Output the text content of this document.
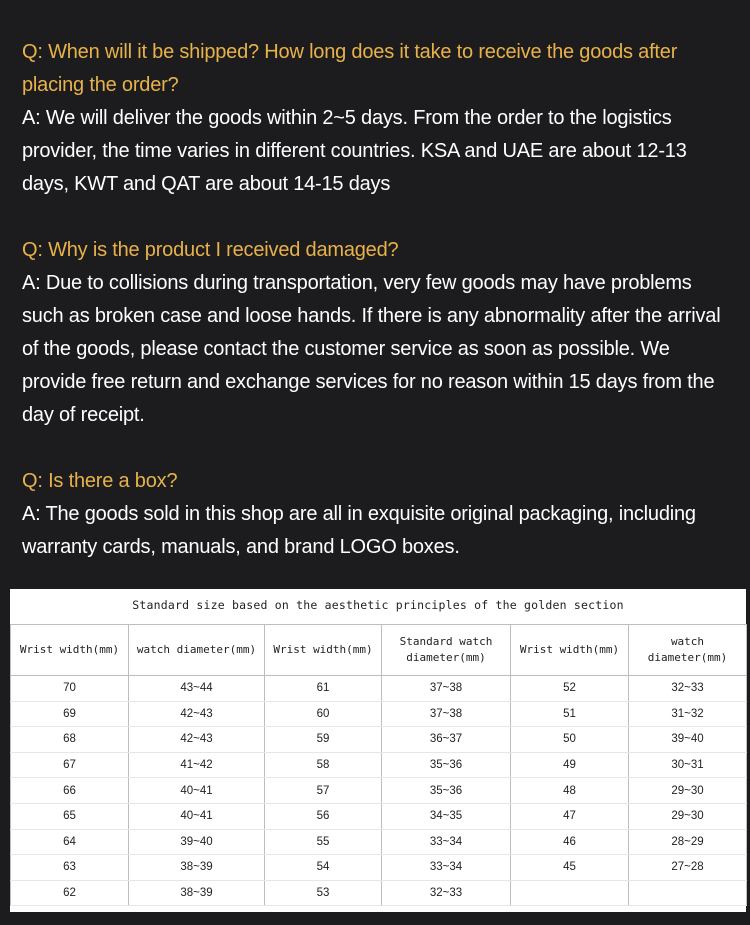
Q: When will it be shipped? How long does it take to receive the goods after placing the order?

A: We will deliver the goods within 2~5 days. From the order to the logistics provider, the time varies in different countries. KSA and UAE are about 12-13 days, KWT and QAT are about 14-15 days

Q: Why is the product I received damaged?

A: Due to collisions during transportation, very few goods may have problems such as broken case and loose hands. If there is any abnormality after the arrival of the goods, please contact the customer service as soon as possible. We provide free return and exchange services for no reason within 15 days from the day of receipt.

Q: Is there a box?

A: The goods sold in this shop are all in exquisite original packaging, including warranty cards, manuals, and brand LOGO boxes.

Standard size based on the aesthetic principles of the golden section
Wrist width(mm)	watch diameter(mm)	Wrist width(mm)	Standard watch diameter(mm)	Wrist width(mm)	watch diameter(mm)
70	43~44	61	37~38	52	32~33
69	42~43	60	37~38	51	31~32
68	42~43	59	36~37	50	39~40
67	41~42	58	35~36	49	30~31
66	40~41	57	35~36	48	29~30
65	40~41	56	34~35	47	29~30
64	39~40	55	33~34	46	28~29
63	38~39	54	33~34	45	27~28
62	38~39	53	32~33		
